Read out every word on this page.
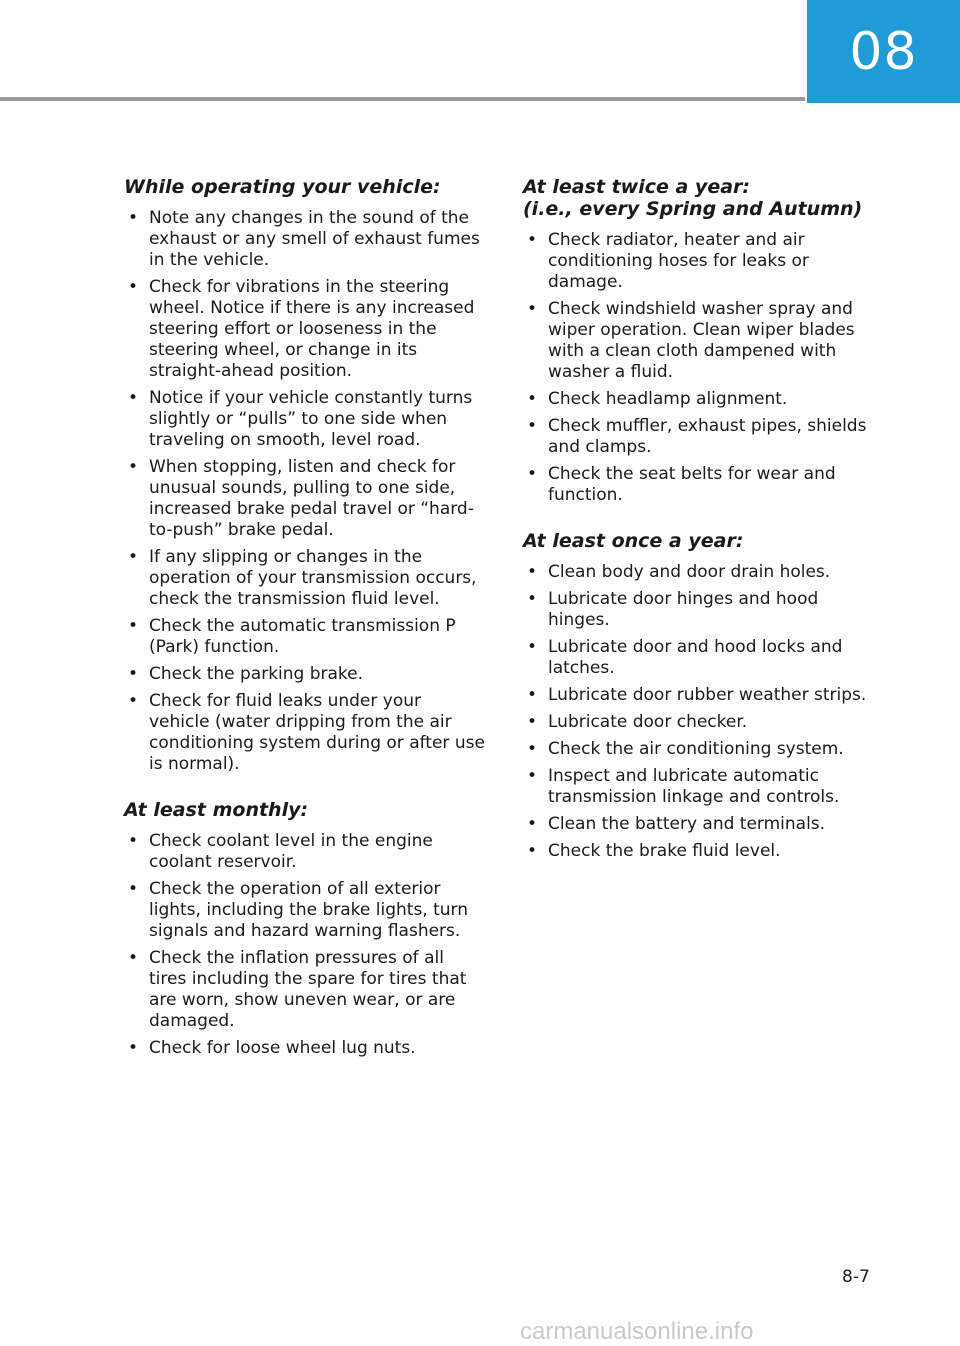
08
While operating your vehicle:
• Note any changes in the sound of the exhaust or any smell of exhaust fumes in the vehicle.
• Check for vibrations in the steering wheel. Notice if there is any increased steering effort or looseness in the steering wheel, or change in its straight-ahead position.
• Notice if your vehicle constantly turns slightly or “pulls” to one side when traveling on smooth, level road.
• When stopping, listen and check for unusual sounds, pulling to one side, increased brake pedal travel or “hard-to-push” brake pedal.
• If any slipping or changes in the operation of your transmission occurs, check the transmission fluid level.
• Check the automatic transmission P (Park) function.
• Check the parking brake.
• Check for fluid leaks under your vehicle (water dripping from the air conditioning system during or after use is normal).
At least monthly:
• Check coolant level in the engine coolant reservoir.
• Check the operation of all exterior lights, including the brake lights, turn signals and hazard warning flashers.
• Check the inflation pressures of all tires including the spare for tires that are worn, show uneven wear, or are damaged.
• Check for loose wheel lug nuts.
At least twice a year:
(i.e., every Spring and Autumn)
• Check radiator, heater and air conditioning hoses for leaks or damage.
• Check windshield washer spray and wiper operation. Clean wiper blades with a clean cloth dampened with washer a fluid.
• Check headlamp alignment.
• Check muffler, exhaust pipes, shields and clamps.
• Check the seat belts for wear and function.
At least once a year:
• Clean body and door drain holes.
• Lubricate door hinges and hood hinges.
• Lubricate door and hood locks and latches.
• Lubricate door rubber weather strips.
• Lubricate door checker.
• Check the air conditioning system.
• Inspect and lubricate automatic transmission linkage and controls.
• Clean the battery and terminals.
• Check the brake fluid level.
8-7
carmanualsonline.info
